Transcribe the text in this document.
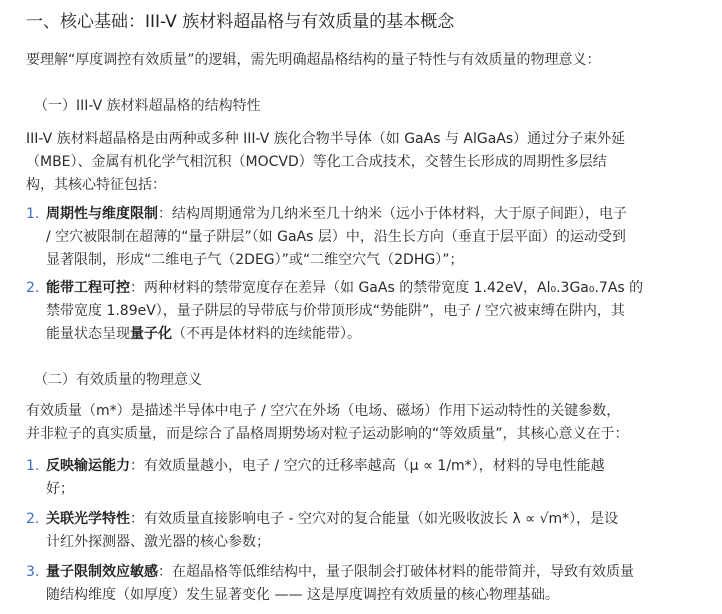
一、核心基础：III-V 族材料超晶格与有效质量的基本概念
要理解“厚度调控有效质量”的逻辑，需先明确超晶格结构的量子特性与有效质量的物理意义：
（一）III-V 族材料超晶格的结构特性
III-V 族材料超晶格是由两种或多种 III-V 族化合物半导体（如 GaAs 与 AlGaAs）通过分子束外延
（MBE）、金属有机化学气相沉积（MOCVD）等化工合成技术，交替生长形成的周期性多层结
构，其核心特征包括：
1. 周期性与维度限制：结构周期通常为几纳米至几十纳米（远小于体材料，大于原子间距），电子
/ 空穴被限制在超薄的“量子阱层”（如 GaAs 层）中，沿生长方向（垂直于层平面）的运动受到
显著限制，形成“二维电子气（2DEG）”或“二维空穴气（2DHG）”；
2. 能带工程可控：两种材料的禁带宽度存在差异（如 GaAs 的禁带宽度 1.42eV，Al₀.3Ga₀.7As 的
禁带宽度 1.89eV），量子阱层的导带底与价带顶形成“势能阱”，电子 / 空穴被束缚在阱内，其
能量状态呈现量子化（不再是体材料的连续能带）。
（二）有效质量的物理意义
有效质量（m*）是描述半导体中电子 / 空穴在外场（电场、磁场）作用下运动特性的关键参数，
并非粒子的真实质量，而是综合了晶格周期势场对粒子运动影响的“等效质量”，其核心意义在于：
1. 反映输运能力：有效质量越小，电子 / 空穴的迁移率越高（μ ∝ 1/m*），材料的导电性能越
好；
2. 关联光学特性：有效质量直接影响电子 - 空穴对的复合能量（如光吸收波长 λ ∝ √m*），是设
计红外探测器、激光器的核心参数；
3. 量子限制效应敏感：在超晶格等低维结构中，量子限制会打破体材料的能带简并，导致有效质量
随结构维度（如厚度）发生显著变化 —— 这是厚度调控有效质量的核心物理基础。
